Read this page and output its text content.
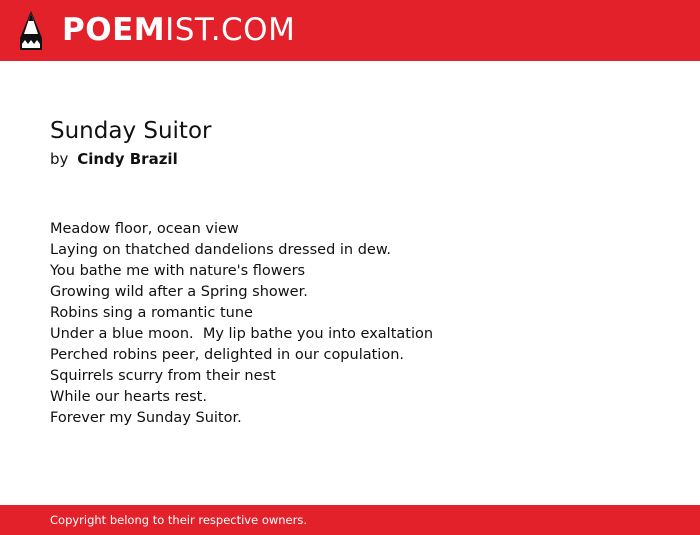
POEMIST.COM
Sunday Suitor
by Cindy Brazil
Meadow floor, ocean view
Laying on thatched dandelions dressed in dew.
You bathe me with nature's flowers
Growing wild after a Spring shower.
Robins sing a romantic tune
Under a blue moon.  My lip bathe you into exaltation
Perched robins peer, delighted in our copulation.
Squirrels scurry from their nest
While our hearts rest.
Forever my Sunday Suitor.
Copyright belong to their respective owners.
